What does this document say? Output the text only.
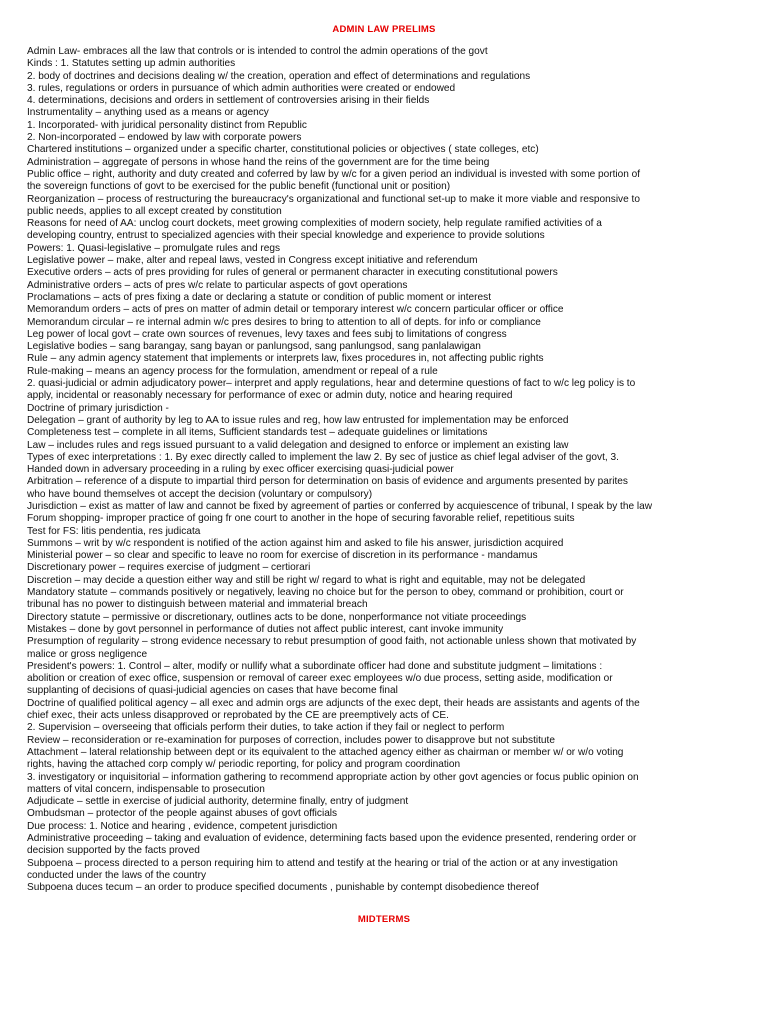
ADMIN LAW PRELIMS

Admin Law- embraces all the law that controls or is intended to control the admin operations of the govt

Kinds : 1. Statutes setting up admin authorities

2. body of doctrines and decisions dealing w/ the creation, operation and effect of determinations and regulations

3. rules, regulations or orders in pursuance of which admin authorities were created or endowed

4. determinations, decisions and orders in settlement of controversies arising in their fields

Instrumentality – anything used as a means or agency

1. Incorporated- with juridical personality distinct from Republic

2. Non-incorporated – endowed by law with corporate powers

Chartered institutions – organized under a specific charter, constitutional policies or objectives ( state colleges, etc)

Administration – aggregate of persons in whose hand the reins of the government are for the time being

Public office – right, authority and duty created and coferred by law by w/c for a given period an individual is invested with some portion of

the sovereign functions of govt to be exercised for the public benefit (functional unit or position)

Reorganization – process of restructuring the bureaucracy's organizational and functional set-up to make it more viable and responsive to

public needs, applies to all except created by constitution

Reasons for need of AA: unclog court dockets, meet growing complexities of modern society, help regulate ramified activities of a

developing country, entrust to specialized agencies with their special knowledge and experience to provide solutions

Powers: 1. Quasi-legislative – promulgate rules and regs

Legislative power – make, alter and repeal laws, vested in Congress except initiative and referendum

Executive orders – acts of pres providing for rules of general or permanent character in executing constitutional powers

Administrative orders – acts of pres w/c relate to particular aspects of govt operations

Proclamations – acts of pres fixing a date or declaring a statute or condition of public moment or interest

Memorandum orders – acts of pres on matter of admin detail or temporary interest w/c concern particular officer or office

Memorandum circular – re internal admin w/c pres desires to bring to attention to all of depts. for info or compliance

Leg power of local govt – crate own sources of revenues, levy taxes and fees subj to limitations of congress

Legislative bodies – sang barangay, sang bayan or panlungsod, sang panlungsod, sang panlalawigan

Rule – any admin agency statement that implements or interprets law, fixes procedures in, not affecting public rights

Rule-making – means an agency process for the formulation, amendment or repeal of a rule

2. quasi-judicial or admin adjudicatory power– interpret and apply regulations, hear and determine questions of fact to w/c leg policy is to

apply, incidental or reasonably necessary for performance of exec or admin duty, notice and hearing required

Doctrine of primary jurisdiction -

Delegation – grant of authority by leg to AA to issue rules and reg, how law entrusted for implementation may be enforced

Completeness test – complete in all items, Sufficient standards test – adequate guidelines or limitations

Law – includes rules and regs issued pursuant to a valid delegation and designed to enforce or implement an existing law

Types of exec interpretations : 1. By exec directly called to implement the law 2. By sec of justice as chief legal adviser of the govt, 3.

Handed down in adversary proceeding in a ruling by exec officer exercising quasi-judicial power

Arbitration – reference of a dispute to impartial third person for determination on basis of evidence and arguments presented by parites

who have bound themselves ot accept the decision (voluntary or compulsory)

Jurisdiction – exist as matter of law and cannot be fixed by agreement of parties or conferred by acquiescence of tribunal, I speak by the law

Forum shopping- improper practice of going fr one court to another in the hope of securing favorable relief, repetitious suits

Test for FS: litis pendentia, res judicata

Summons – writ by w/c respondent is notified of the action against him and asked to file his answer, jurisdiction acquired

Ministerial power – so clear and specific to leave no room for exercise of discretion in its performance - mandamus

Discretionary power – requires exercise of judgment – certiorari

Discretion – may decide a question either way and still be right w/ regard to what is right and equitable, may not be delegated

Mandatory statute – commands positively or negatively, leaving no choice but for the person to obey, command or prohibition, court or

tribunal has no power to distinguish between material and immaterial breach

Directory statute – permissive or discretionary, outlines acts to be done, nonperformance not vitiate proceedings

Mistakes – done by govt personnel in performance of duties not affect public interest, cant invoke immunity

Presumption of regularity – strong evidence necessary to rebut presumption of good faith, not actionable unless shown that motivated by

malice or gross negligence

President's powers: 1. Control – alter, modify or nullify what a subordinate officer had done and substitute judgment – limitations :

abolition or creation of exec office, suspension or removal of career exec employees w/o due process, setting aside, modification or

supplanting of decisions of quasi-judicial agencies on cases that have become final

Doctrine of qualified political agency – all exec and admin orgs are adjuncts of the exec dept, their heads are assistants and agents of the

chief exec, their acts unless disapproved or reprobated by the CE are preemptively acts of CE.

2. Supervision – overseeing that officials perform their duties, to take action if they fail or neglect to perform

Review – reconsideration or re-examination for purposes of correction, includes power to disapprove but not substitute

Attachment – lateral relationship between dept or its equivalent to the attached agency either as chairman or member w/ or w/o voting

rights, having the attached corp comply w/ periodic reporting, for policy and program coordination

3. investigatory or inquisitorial – information gathering to recommend appropriate action by other govt agencies or focus public opinion on

matters of vital concern, indispensable to prosecution

Adjudicate – settle in exercise of judicial authority, determine finally, entry of judgment

Ombudsman – protector of the people against abuses of govt officials

Due process: 1. Notice and hearing , evidence, competent jurisdiction

Administrative proceeding – taking and evaluation of evidence, determining facts based upon the evidence presented, rendering order or

decision supported by the facts proved

Subpoena – process directed to a person requiring him to attend and testify at the hearing or trial of the action or at any investigation

conducted under the laws of the country

Subpoena duces tecum – an order to produce specified documents , punishable by contempt disobedience thereof

MIDTERMS
